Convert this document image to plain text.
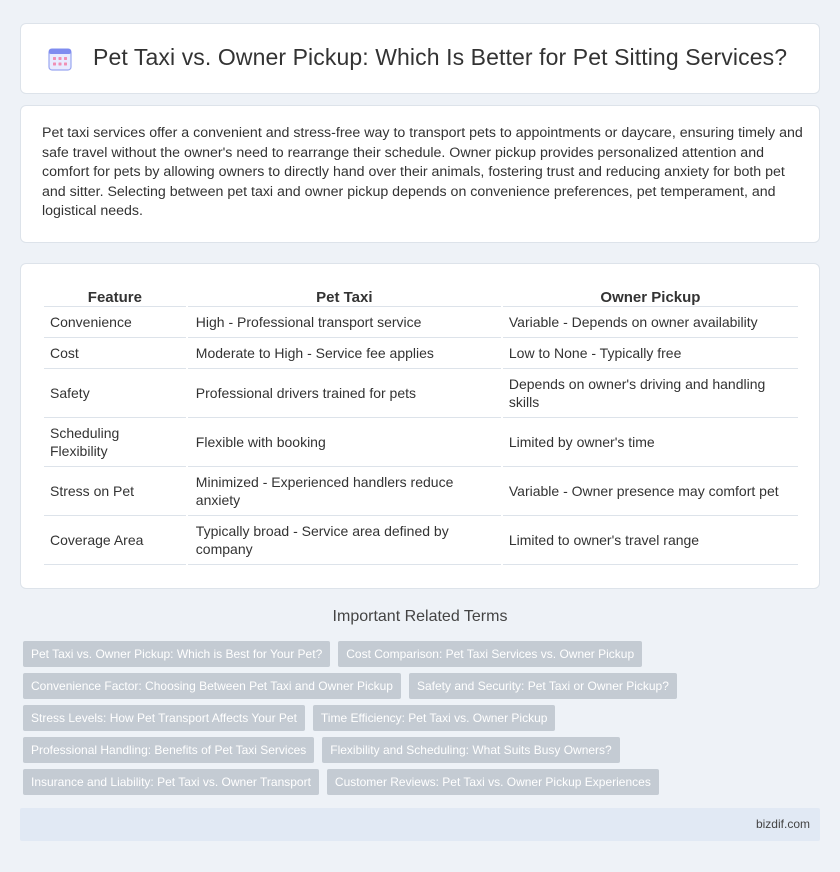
Pet Taxi vs. Owner Pickup: Which Is Better for Pet Sitting Services?

Pet taxi services offer a convenient and stress-free way to transport pets to appointments or daycare, ensuring timely and safe travel without the owner's need to rearrange their schedule. Owner pickup provides personalized attention and comfort for pets by allowing owners to directly hand over their animals, fostering trust and reducing anxiety for both pet and sitter. Selecting between pet taxi and owner pickup depends on convenience preferences, pet temperament, and logistical needs.

Feature	Pet Taxi	Owner Pickup
Convenience	High - Professional transport service	Variable - Depends on owner availability
Cost	Moderate to High - Service fee applies	Low to None - Typically free
Safety	Professional drivers trained for pets	Depends on owner's driving and handling skills
Scheduling Flexibility	Flexible with booking	Limited by owner's time
Stress on Pet	Minimized - Experienced handlers reduce anxiety	Variable - Owner presence may comfort pet
Coverage Area	Typically broad - Service area defined by company	Limited to owner's travel range
Important Related Terms
Pet Taxi vs. Owner Pickup: Which is Best for Your Pet?	Cost Comparison: Pet Taxi Services vs. Owner Pickup
Convenience Factor: Choosing Between Pet Taxi and Owner Pickup	Safety and Security: Pet Taxi or Owner Pickup?
Stress Levels: How Pet Transport Affects Your Pet	Time Efficiency: Pet Taxi vs. Owner Pickup
Professional Handling: Benefits of Pet Taxi Services	Flexibility and Scheduling: What Suits Busy Owners?
Insurance and Liability: Pet Taxi vs. Owner Transport	Customer Reviews: Pet Taxi vs. Owner Pickup Experiences
bizdif.com
